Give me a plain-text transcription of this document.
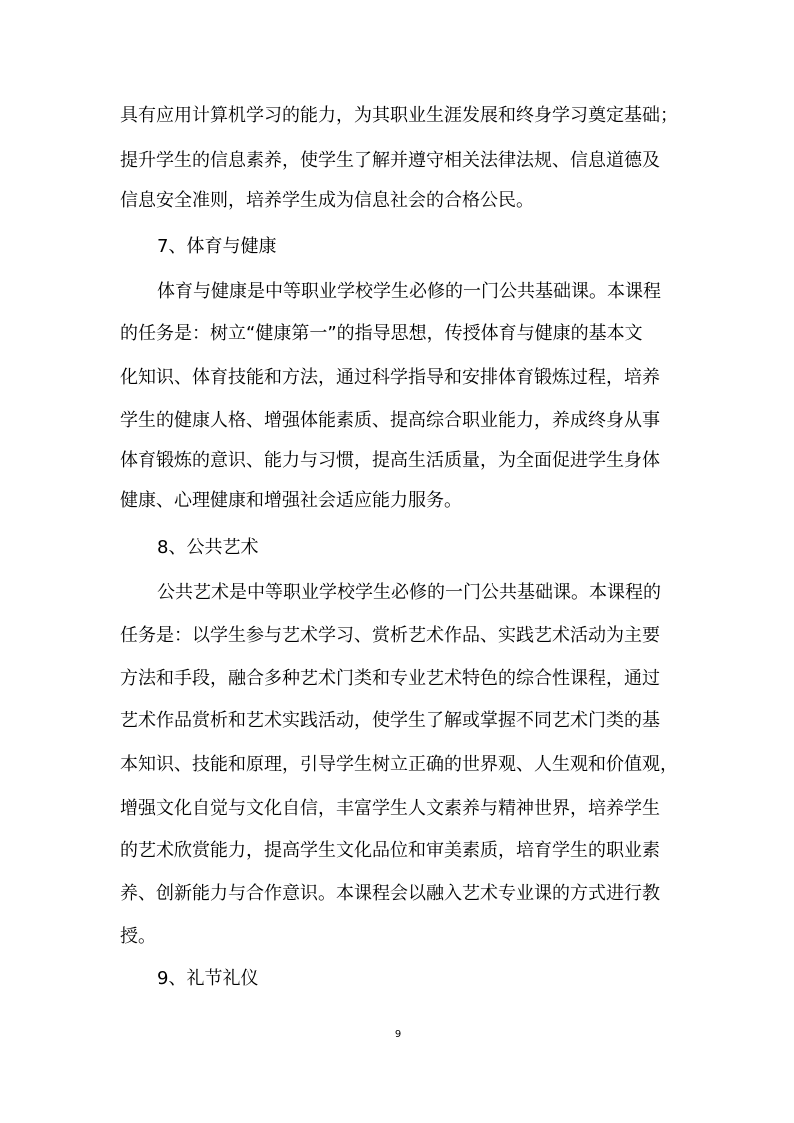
具有应用计算机学习的能力，为其职业生涯发展和终身学习奠定基础；
提升学生的信息素养，使学生了解并遵守相关法律法规、信息道德及
信息安全准则，培养学生成为信息社会的合格公民。
7、体育与健康
体育与健康是中等职业学校学生必修的一门公共基础课。本课程
的任务是：树立“健康第一”的指导思想，传授体育与健康的基本文
化知识、体育技能和方法，通过科学指导和安排体育锻炼过程，培养
学生的健康人格、增强体能素质、提高综合职业能力，养成终身从事
体育锻炼的意识、能力与习惯，提高生活质量，为全面促进学生身体
健康、心理健康和增强社会适应能力服务。
8、公共艺术
公共艺术是中等职业学校学生必修的一门公共基础课。本课程的
任务是：以学生参与艺术学习、赏析艺术作品、实践艺术活动为主要
方法和手段，融合多种艺术门类和专业艺术特色的综合性课程，通过
艺术作品赏析和艺术实践活动，使学生了解或掌握不同艺术门类的基
本知识、技能和原理，引导学生树立正确的世界观、人生观和价值观，
增强文化自觉与文化自信，丰富学生人文素养与精神世界，培养学生
的艺术欣赏能力，提高学生文化品位和审美素质，培育学生的职业素
养、创新能力与合作意识。本课程会以融入艺术专业课的方式进行教
授。
9、礼节礼仪
9
